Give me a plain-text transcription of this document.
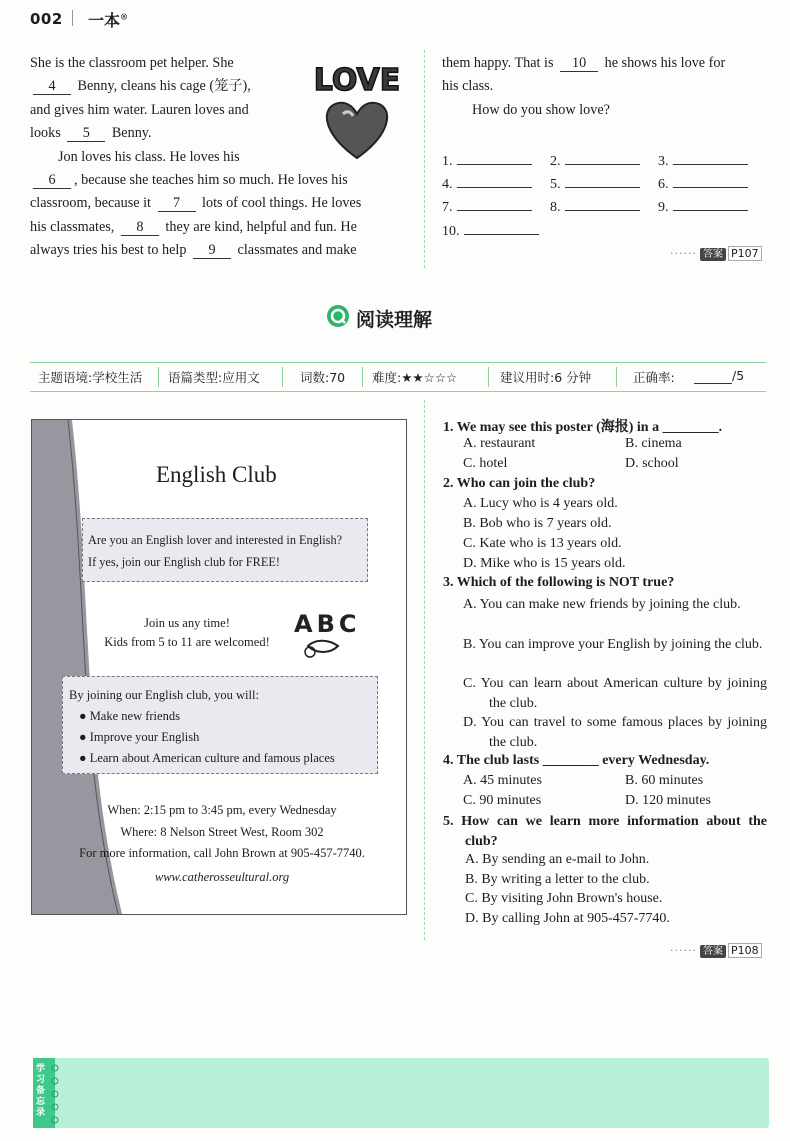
002 一本®
She is the classroom pet helper. She
4 Benny, cleans his cage (笼子),
and gives him water. Lauren loves and
looks 5 Benny.
Jon loves his class. He loves his
6 , because she teaches him so much. He loves his
classroom, because it 7 lots of cool things. He loves
his classmates, 8 they are kind, helpful and fun. He
always tries his best to help 9 classmates and make
LOVE	them happy. That is 10 he shows his love for
his class.
How do you show love?
1.	2.	3.
4.	5.	6.
7.	8.	9.
10.
······ 答案 P107
阅读理解
主题语境:学校生活 语篇类型:应用文	词数:70 难度:★★☆☆☆	建议用时:6 分钟	正确率:	/5
English Club
Are you an English lover and interested in English?
If yes, join our English club for FREE!
Join us any time!
Kids from 5 to 11 are welcomed!
ABC
By joining our English club, you will:
● Make new friends
● Improve your English
● Learn about American culture and famous places
When: 2:15 pm to 3:45 pm, every Wednesday
Where: 8 Nelson Street West, Room 302
For more information, call John Brown at 905-457-7740.
www.catherosseultural.org
1. We may see this poster (海报) in a ________.
A. restaurant	B. cinema
C. hotel	D. school
2. Who can join the club?
A. Lucy who is 4 years old.
B. Bob who is 7 years old.
C. Kate who is 13 years old.
D. Mike who is 15 years old.
3. Which of the following is NOT true?
A. You can make new friends by joining the club.
B. You can improve your English by joining the club.
C. You can learn about American culture by joining the club.
D. You can travel to some famous places by joining the club.
4. The club lasts ________ every Wednesday.
A. 45 minutes	B. 60 minutes
C. 90 minutes	D. 120 minutes
5. How can we learn more information about the club?
A. By sending an e-mail to John.
B. By writing a letter to the club.
C. By visiting John Brown's house.
D. By calling John at 905-457-7740.
······ 答案 P108
学习备忘录
